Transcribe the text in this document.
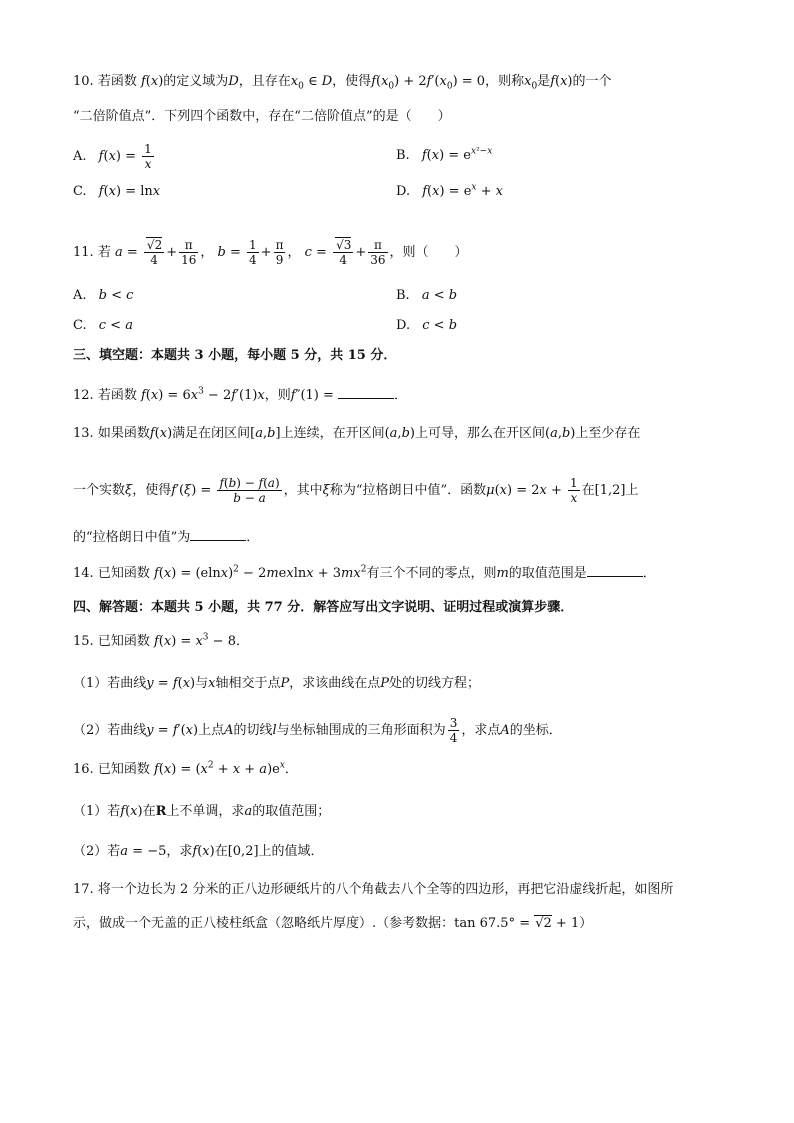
10. 若函数 f(x)的定义域为D，且存在$x_0$ ∈ D，使得$f(x_0) + 2f'(x_0) = 0$，则称$x_0$是f(x)的一个
“二倍阶值点”．下列四个函数中，存在“二倍阶值点”的是（　　）
A. $f(x) = \frac{1}{x}$	B. $f(x) = e^{x^2-x}$
C. f(x) = lnx	D. $f(x) = e^x + x$
11. 若 $a = \frac{√2}{4} + \frac{\pi}{16}$ ， $b = \frac{1}{4} + \frac{\pi}{9}$ ， $c = \frac{√3}{4} + \frac{\pi}{36}$ ，则（　　）
A. b < c	B. a < b
C. c < a	D. c < b
三、填空题：本题共 3 小题，每小题 5 分，共 15 分．
12. 若函数 $f(x) = 6x^3 - 2f'(1)x$，则f″(1) =	．
13. 如果函数f(x)满足在闭区间[a,b]上连续，在开区间(a,b)上可导，那么在开区间(a,b)上至少存在
一个实数ξ，使得$f'(\xi) = \frac{f(b) - f(a)}{b - a}$ ，其中ξ称为“拉格朗日中值”．函数$\mu(x) = 2x + \frac{1}{x}$ 在[1,2]上
的“拉格朗日中值”为	．
14. 已知函数 $f(x) = (elnx)^2 - 2mexlnx + 3mx^2$有三个不同的零点，则m的取值范围是	．
四、解答题：本题共 5 小题，共 77 分．解答应写出文字说明、证明过程或演算步骤．
15. 已知函数 $f(x) = x^3 - 8$．
（1）若曲线y = f(x)与x轴相交于点P，求该曲线在点P处的切线方程；
（2）若曲线y = f′(x)上点A的切线l与坐标轴围成的三角形面积为 $\frac{3}{4}$ ，求点A的坐标．
16. 已知函数 $f(x) = (x^2 + x + a)e^x$．
（1）若f(x)在R上不单调，求a的取值范围；
（2）若a = −5，求f(x)在[0,2]上的值域．
17. 将一个边长为 2 分米的正八边形硬纸片的八个角截去八个全等的四边形，再把它沿虚线折起，如图所
示，做成一个无盖的正八棱柱纸盒（忽略纸片厚度）.（参考数据：tan 67.5° = √2 + 1）
